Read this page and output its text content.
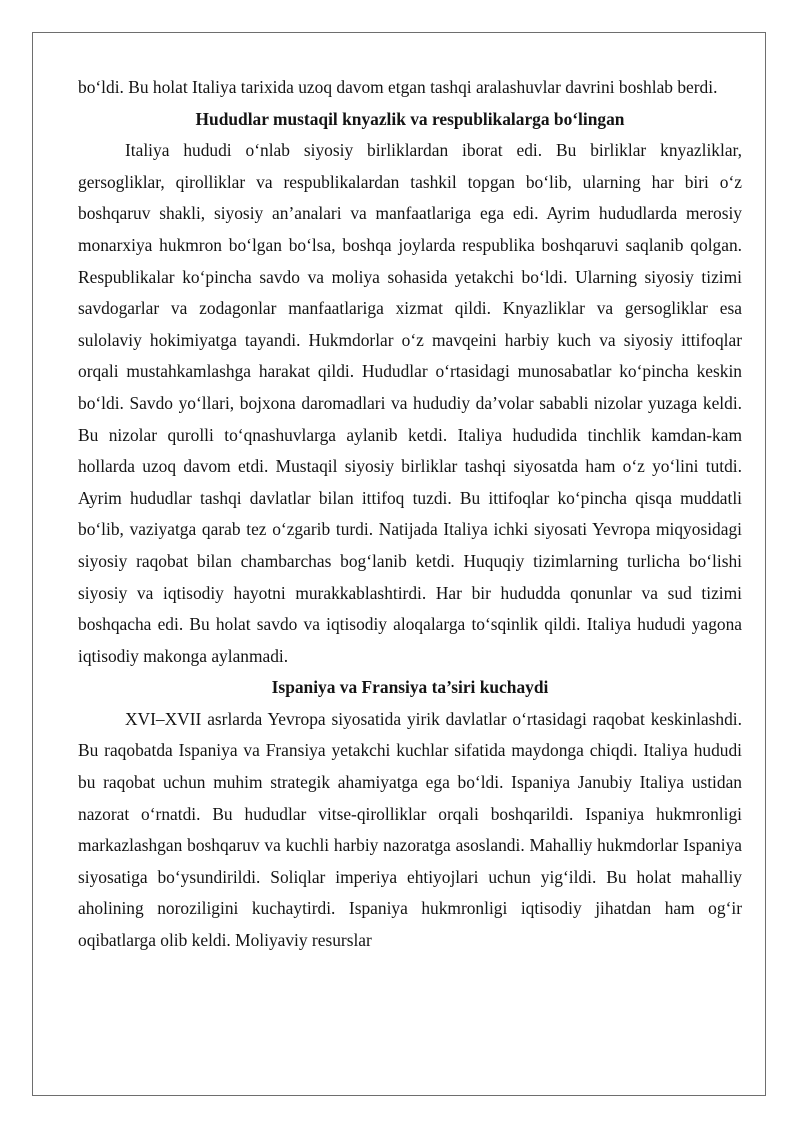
bo‘ldi. Bu holat Italiya tarixida uzoq davom etgan tashqi aralashuvlar davrini boshlab berdi.

Hududlar mustaqil knyazlik va respublikalarga bo‘lingan

Italiya hududi o‘nlab siyosiy birliklardan iborat edi. Bu birliklar knyazliklar, gersogliklar, qirolliklar va respublikalardan tashkil topgan bo‘lib, ularning har biri o‘z boshqaruv shakli, siyosiy an’analari va manfaatlariga ega edi. Ayrim hududlarda merosiy monarxiya hukmron bo‘lgan bo‘lsa, boshqa joylarda respublika boshqaruvi saqlanib qolgan. Respublikalar ko‘pincha savdo va moliya sohasida yetakchi bo‘ldi. Ularning siyosiy tizimi savdogarlar va zodagonlar manfaatlariga xizmat qildi. Knyazliklar va gersogliklar esa sulolaviy hokimiyatga tayandi. Hukmdorlar o‘z mavqeini harbiy kuch va siyosiy ittifoqlar orqali mustahkamlashga harakat qildi. Hududlar o‘rtasidagi munosabatlar ko‘pincha keskin bo‘ldi. Savdo yo‘llari, bojxona daromadlari va hududiy da’volar sababli nizolar yuzaga keldi. Bu nizolar qurolli to‘qnashuvlarga aylanib ketdi. Italiya hududida tinchlik kamdan-kam hollarda uzoq davom etdi. Mustaqil siyosiy birliklar tashqi siyosatda ham o‘z yo‘lini tutdi. Ayrim hududlar tashqi davlatlar bilan ittifoq tuzdi. Bu ittifoqlar ko‘pincha qisqa muddatli bo‘lib, vaziyatga qarab tez o‘zgarib turdi. Natijada Italiya ichki siyosati Yevropa miqyosidagi siyosiy raqobat bilan chambarchas bog‘lanib ketdi. Huquqiy tizimlarning turlicha bo‘lishi siyosiy va iqtisodiy hayotni murakkablashtirdi. Har bir hududda qonunlar va sud tizimi boshqacha edi. Bu holat savdo va iqtisodiy aloqalarga to‘sqinlik qildi. Italiya hududi yagona iqtisodiy makonga aylanmadi.

Ispaniya va Fransiya ta’siri kuchaydi

XVI–XVII asrlarda Yevropa siyosatida yirik davlatlar o‘rtasidagi raqobat keskinlashdi. Bu raqobatda Ispaniya va Fransiya yetakchi kuchlar sifatida maydonga chiqdi. Italiya hududi bu raqobat uchun muhim strategik ahamiyatga ega bo‘ldi. Ispaniya Janubiy Italiya ustidan nazorat o‘rnatdi. Bu hududlar vitse-qirolliklar orqali boshqarildi. Ispaniya hukmronligi markazlashgan boshqaruv va kuchli harbiy nazoratga asoslandi. Mahalliy hukmdorlar Ispaniya siyosatiga bo‘ysundirildi. Soliqlar imperiya ehtiyojlari uchun yig‘ildi. Bu holat mahalliy aholining noroziligini kuchaytirdi. Ispaniya hukmronligi iqtisodiy jihatdan ham og‘ir oqibatlarga olib keldi. Moliyaviy resurslar
